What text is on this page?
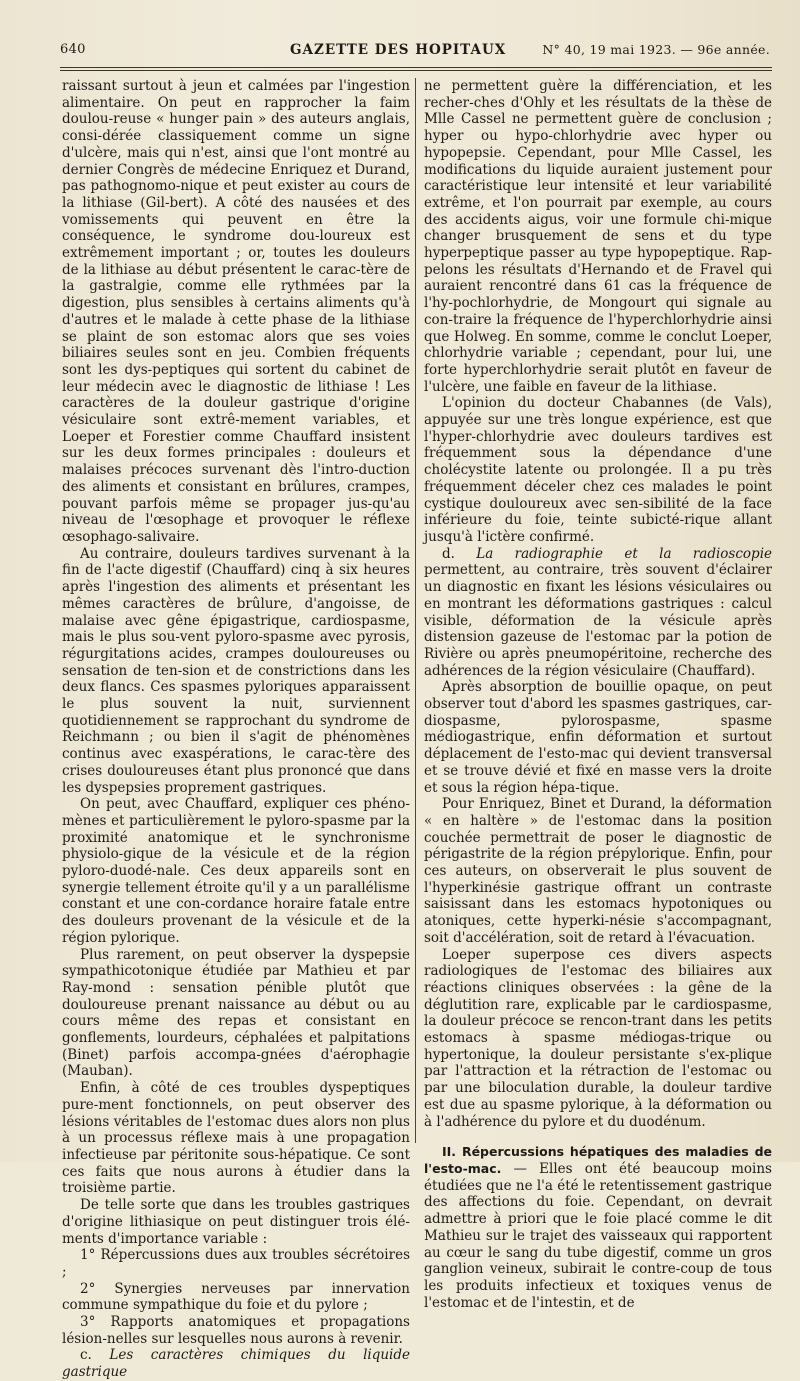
640	GAZETTE DES HOPITAUX	N° 40, 19 mai 1923. — 96e année.

raissant surtout à jeun et calmées par l'ingestion alimentaire. On peut en rapprocher la faim doulou-reuse « hunger pain » des auteurs anglais, consi-dérée classiquement comme un signe d'ulcère, mais qui n'est, ainsi que l'ont montré au dernier Congrès de médecine Enriquez et Durand, pas pathognomo-nique et peut exister au cours de la lithiase (Gil-bert). A côté des nausées et des vomissements qui peuvent en être la conséquence, le syndrome dou-loureux est extrêmement important ; or, toutes les douleurs de la lithiase au début présentent le carac-tère de la gastralgie, comme elle rythmées par la digestion, plus sensibles à certains aliments qu'à d'autres et le malade à cette phase de la lithiase se plaint de son estomac alors que ses voies biliaires seules sont en jeu. Combien fréquents sont les dys-peptiques qui sortent du cabinet de leur médecin avec le diagnostic de lithiase ! Les caractères de la douleur gastrique d'origine vésiculaire sont extrê-mement variables, et Loeper et Forestier comme Chauffard insistent sur les deux formes principales : douleurs et malaises précoces survenant dès l'intro-duction des aliments et consistant en brûlures, crampes, pouvant parfois même se propager jus-qu'au niveau de l'œsophage et provoquer le réflexe œsophago-salivaire.

Au contraire, douleurs tardives survenant à la fin de l'acte digestif (Chauffard) cinq à six heures après l'ingestion des aliments et présentant les mêmes caractères de brûlure, d'angoisse, de malaise avec gêne épigastrique, cardiospasme, mais le plus sou-vent pyloro-spasme avec pyrosis, régurgitations acides, crampes douloureuses ou sensation de ten-sion et de constrictions dans les deux flancs. Ces spasmes pyloriques apparaissent le plus souvent la nuit, surviennent quotidiennement se rapprochant du syndrome de Reichmann ; ou bien il s'agit de phénomènes continus avec exaspérations, le carac-tère des crises douloureuses étant plus prononcé que dans les dyspepsies proprement gastriques.

On peut, avec Chauffard, expliquer ces phéno-mènes et particulièrement le pyloro-spasme par la proximité anatomique et le synchronisme physiolo-gique de la vésicule et de la région pyloro-duodé-nale. Ces deux appareils sont en synergie tellement étroite qu'il y a un parallélisme constant et une con-cordance horaire fatale entre des douleurs provenant de la vésicule et de la région pylorique.

Plus rarement, on peut observer la dyspepsie sympathicotonique étudiée par Mathieu et par Ray-mond : sensation pénible plutôt que douloureuse prenant naissance au début ou au cours même des repas et consistant en gonflements, lourdeurs, céphalées et palpitations (Binet) parfois accompa-gnées d'aérophagie (Mauban).

Enfin, à côté de ces troubles dyspeptiques pure-ment fonctionnels, on peut observer des lésions véritables de l'estomac dues alors non plus à un processus réflexe mais à une propagation infectieuse par péritonite sous-hépatique. Ce sont ces faits que nous aurons à étudier dans la troisième partie.

De telle sorte que dans les troubles gastriques d'origine lithiasique on peut distinguer trois élé-ments d'importance variable :

1° Répercussions dues aux troubles sécrétoires ;

2° Synergies nerveuses par innervation commune sympathique du foie et du pylore ;

3° Rapports anatomiques et propagations lésion-nelles sur lesquelles nous aurons à revenir.

c. Les caractères chimiques du liquide gastrique

ne permettent guère la différenciation, et les recher-ches d'Ohly et les résultats de la thèse de Mlle Cassel ne permettent guère de conclusion ; hyper ou hypo-chlorhydrie avec hyper ou hypopepsie. Cependant, pour Mlle Cassel, les modifications du liquide auraient justement pour caractéristique leur intensité et leur variabilité extrême, et l'on pourrait par exemple, au cours des accidents aigus, voir une formule chi-mique changer brusquement de sens et du type hyperpeptique passer au type hypopeptique. Rap-pelons les résultats d'Hernando et de Fravel qui auraient rencontré dans 61 cas la fréquence de l'hy-pochlorhydrie, de Mongourt qui signale au con-traire la fréquence de l'hyperchlorhydrie ainsi que Holweg. En somme, comme le conclut Loeper, chlorhydrie variable ; cependant, pour lui, une forte hyperchlorhydrie serait plutôt en faveur de l'ulcère, une faible en faveur de la lithiase.

L'opinion du docteur Chabannes (de Vals), appuyée sur une très longue expérience, est que l'hyper-chlorhydrie avec douleurs tardives est fréquemment sous la dépendance d'une cholécystite latente ou prolongée. Il a pu très fréquemment déceler chez ces malades le point cystique douloureux avec sen-sibilité de la face inférieure du foie, teinte subicté-rique allant jusqu'à l'ictère confirmé.

d. La radiographie et la radioscopie permettent, au contraire, très souvent d'éclairer un diagnostic en fixant les lésions vésiculaires ou en montrant les déformations gastriques : calcul visible, déformation de la vésicule après distension gazeuse de l'estomac par la potion de Rivière ou après pneumopéritoine, recherche des adhérences de la région vésiculaire (Chauffard).

Après absorption de bouillie opaque, on peut observer tout d'abord les spasmes gastriques, car-diospasme, pylorospasme, spasme médiogastrique, enfin déformation et surtout déplacement de l'esto-mac qui devient transversal et se trouve dévié et fixé en masse vers la droite et sous la région hépa-tique.

Pour Enriquez, Binet et Durand, la déformation « en haltère » de l'estomac dans la position couchée permettrait de poser le diagnostic de périgastrite de la région prépylorique. Enfin, pour ces auteurs, on observerait le plus souvent de l'hyperkinésie gastrique offrant un contraste saisissant dans les estomacs hypotoniques ou atoniques, cette hyperki-nésie s'accompagnant, soit d'accélération, soit de retard à l'évacuation.

Loeper superpose ces divers aspects radiologiques de l'estomac des biliaires aux réactions cliniques observées : la gêne de la déglutition rare, explicable par le cardiospasme, la douleur précoce se rencon-trant dans les petits estomacs à spasme médiogas-trique ou hypertonique, la douleur persistante s'ex-plique par l'attraction et la rétraction de l'estomac ou par une biloculation durable, la douleur tardive est due au spasme pylorique, à la déformation ou à l'adhérence du pylore et du duodénum.

II. Répercussions hépatiques des maladies de l'esto-mac. — Elles ont été beaucoup moins étudiées que ne l'a été le retentissement gastrique des affections du foie. Cependant, on devrait admettre à priori que le foie placé comme le dit Mathieu sur le trajet des vaisseaux qui rapportent au cœur le sang du tube digestif, comme un gros ganglion veineux, subirait le contre-coup de tous les produits infectieux et toxiques venus de l'estomac et de l'intestin, et de
